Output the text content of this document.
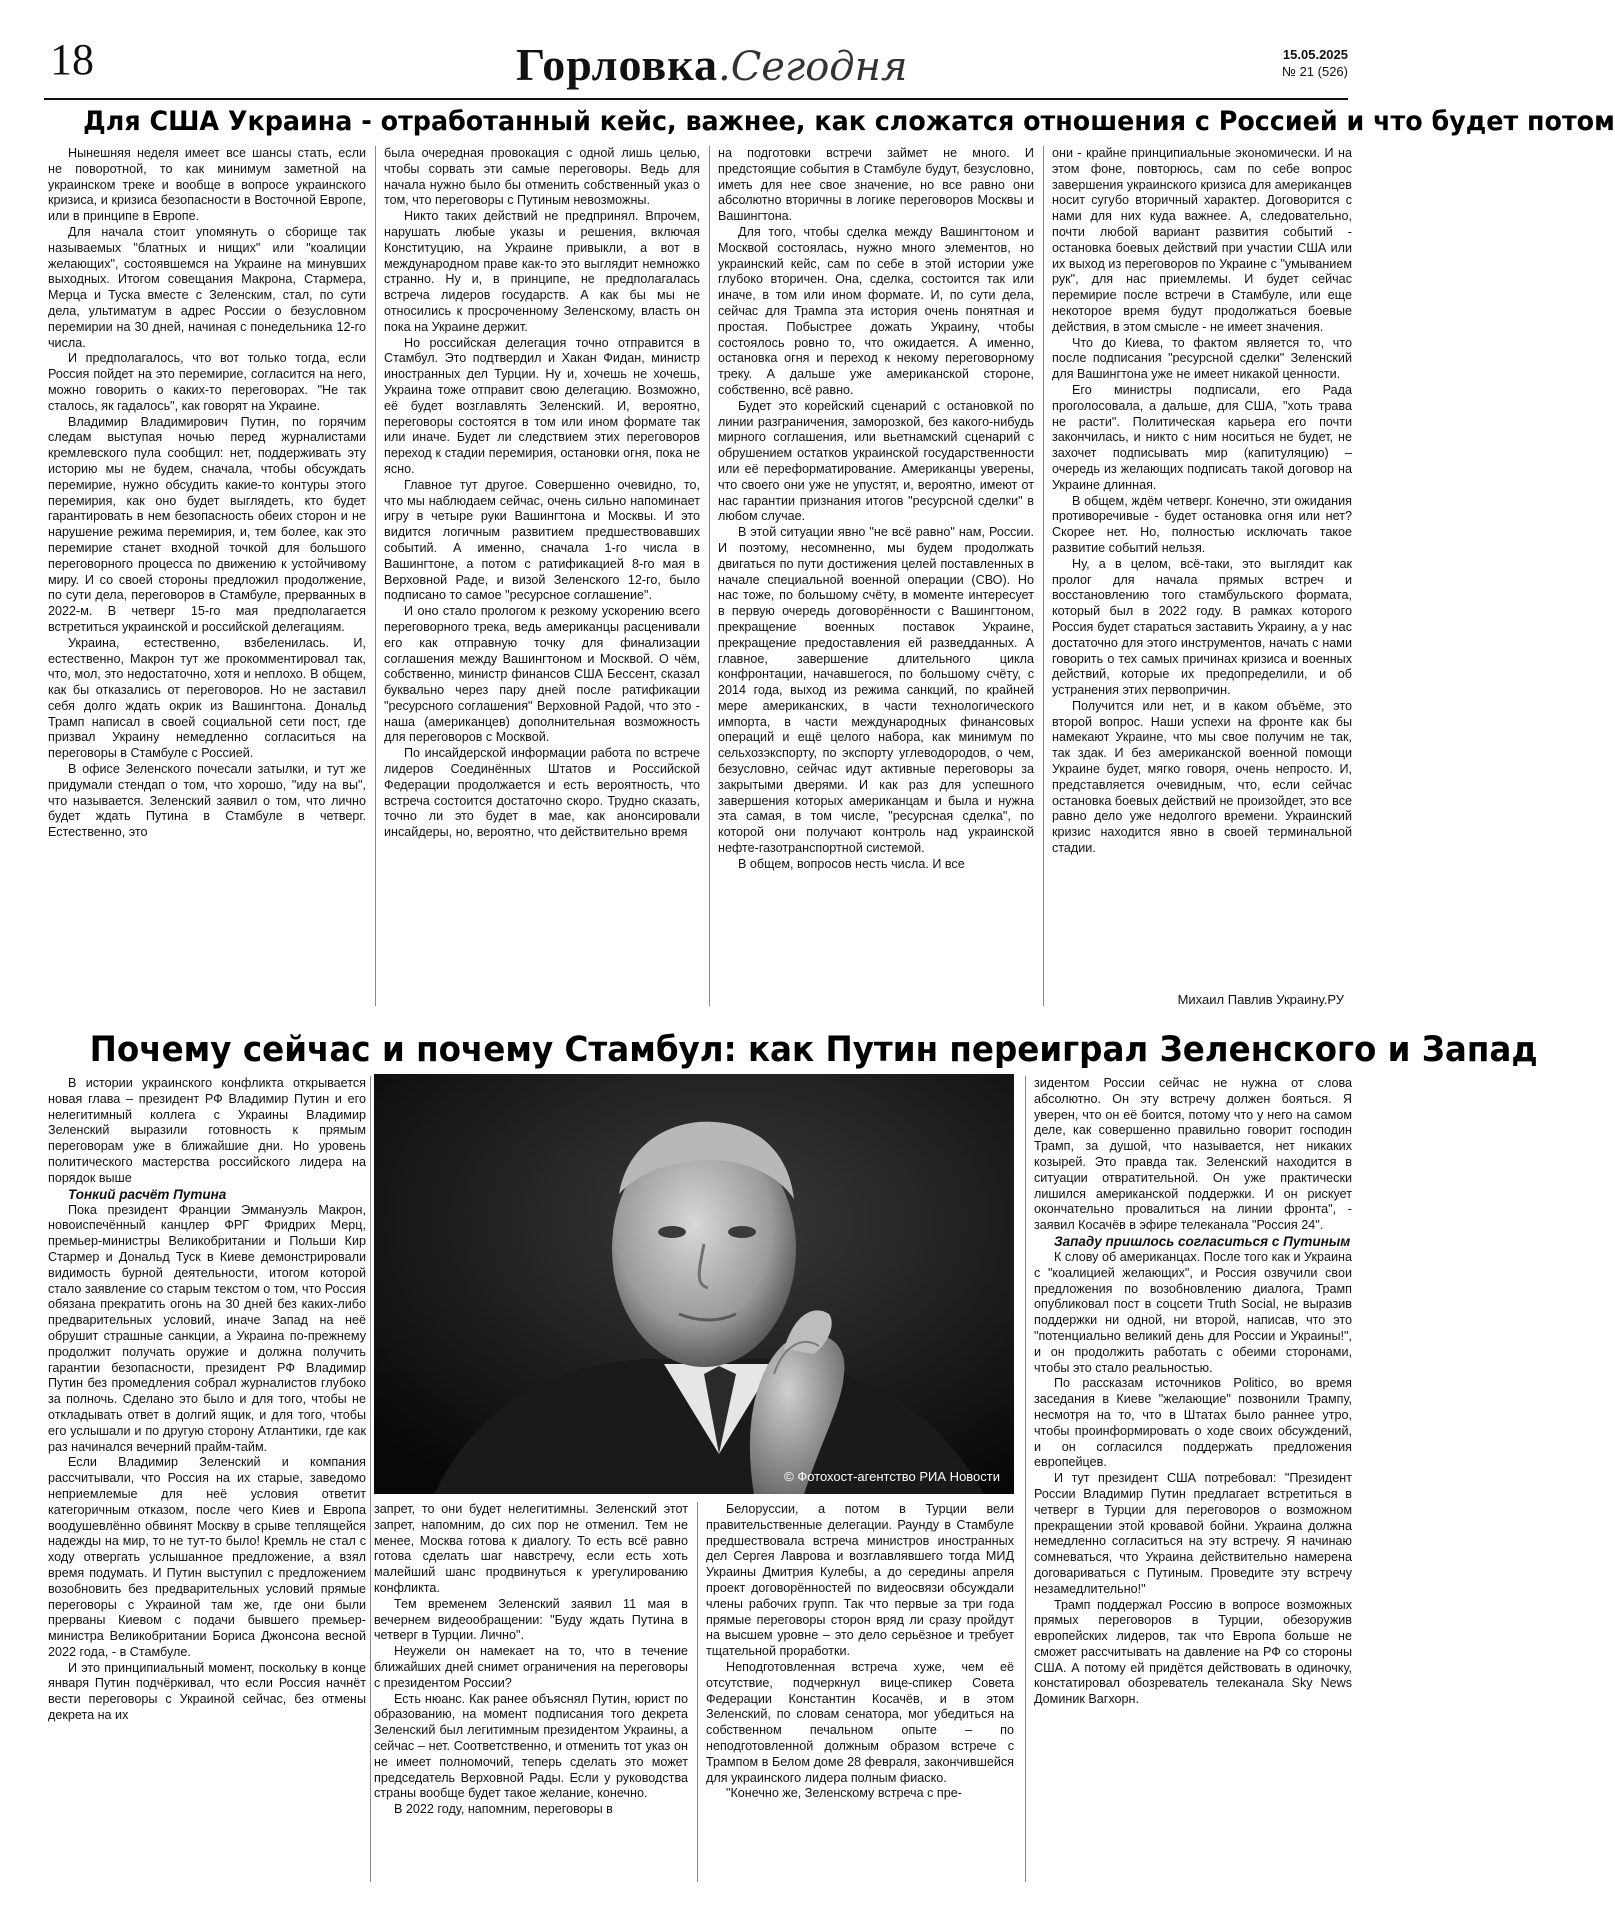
18	Горловка.Сегодня	15.05.2025
№ 21 (526)
Для США Украина - отработанный кейс, важнее, как сложатся отношения с Россией и что будет потом

Нынешняя неделя имеет все шансы стать, если не поворотной, то как минимум заметной на украинском треке и вообще в вопросе украинского кризиса, и кризиса безопасности в Восточной Европе, или в принципе в Европе.

Для начала стоит упомянуть о сборище так называемых "блатных и нищих" или "коалиции желающих", состоявшемся на Украине на минувших выходных. Итогом совещания Макрона, Стармера, Мерца и Туска вместе с Зеленским, стал, по сути дела, ультиматум в адрес России о безусловном перемирии на 30 дней, начиная с понедельника 12-го числа.

И предполагалось, что вот только тогда, если Россия пойдет на это перемирие, согласится на него, можно говорить о каких-то переговорах. "Не так сталось, як гадалось", как говорят на Украине.

Владимир Владимирович Путин, по горячим следам выступая ночью перед журналистами кремлевского пула сообщил: нет, поддерживать эту историю мы не будем, сначала, чтобы обсуждать перемирие, нужно обсудить какие-то контуры этого перемирия, как оно будет выглядеть, кто будет гарантировать в нем безопасность обеих сторон и не нарушение режима перемирия, и, тем более, как это перемирие станет входной точкой для большого переговорного процесса по движению к устойчивому миру. И со своей стороны предложил продолжение, по сути дела, переговоров в Стамбуле, прерванных в 2022-м. В четверг 15-го мая предполагается встретиться украинской и российской делегациям.

Украина, естественно, взбеленилась. И, естественно, Макрон тут же прокомментировал так, что, мол, это недостаточно, хотя и неплохо. В общем, как бы отказались от переговоров. Но не заставил себя долго ждать окрик из Вашингтона. Дональд Трамп написал в своей социальной сети пост, где призвал Украину немедленно согласиться на переговоры в Стамбуле с Россией.

В офисе Зеленского почесали затылки, и тут же придумали стендап о том, что хорошо, "иду на вы", что называется. Зеленский заявил о том, что лично будет ждать Путина в Стамбуле в четверг. Естественно, это

была очередная провокация с одной лишь целью, чтобы сорвать эти самые переговоры. Ведь для начала нужно было бы отменить собственный указ о том, что переговоры с Путиным невозможны.

Никто таких действий не предпринял. Впрочем, нарушать любые указы и решения, включая Конституцию, на Украине привыкли, а вот в международном праве как-то это выглядит немножко странно. Ну и, в принципе, не предполагалась встреча лидеров государств. А как бы мы не относились к просроченному Зеленскому, власть он пока на Украине держит.

Но российская делегация точно отправится в Стамбул. Это подтвердил и Хакан Фидан, министр иностранных дел Турции. Ну и, хочешь не хочешь, Украина тоже отправит свою делегацию. Возможно, её будет возглавлять Зеленский. И, вероятно, переговоры состоятся в том или ином формате так или иначе. Будет ли следствием этих переговоров переход к стадии перемирия, остановки огня, пока не ясно.

Главное тут другое. Совершенно очевидно, то, что мы наблюдаем сейчас, очень сильно напоминает игру в четыре руки Вашингтона и Москвы. И это видится логичным развитием предшествовавших событий. А именно, сначала 1-го числа в Вашингтоне, а потом с ратификацией 8-го мая в Верховной Раде, и визой Зеленского 12-го, было подписано то самое "ресурсное соглашение".

И оно стало прологом к резкому ускорению всего переговорного трека, ведь американцы расценивали его как отправную точку для финализации соглашения между Вашингтоном и Москвой. О чём, собственно, министр финансов США Бессент, сказал буквально через пару дней после ратификации "ресурсного соглашения" Верховной Радой, что это - наша (американцев) дополнительная возможность для переговоров с Москвой.

По инсайдерской информации работа по встрече лидеров Соединённых Штатов и Российской Федерации продолжается и есть вероятность, что встреча состоится достаточно скоро. Трудно сказать, точно ли это будет в мае, как анонсировали инсайдеры, но, вероятно, что действительно время

на подготовки встречи займет не много. И предстоящие события в Стамбуле будут, безусловно, иметь для нее свое значение, но все равно они абсолютно вторичны в логике переговоров Москвы и Вашингтона.

Для того, чтобы сделка между Вашингтоном и Москвой состоялась, нужно много элементов, но украинский кейс, сам по себе в этой истории уже глубоко вторичен. Она, сделка, состоится так или иначе, в том или ином формате. И, по сути дела, сейчас для Трампа эта история очень понятная и простая. Побыстрее дожать Украину, чтобы состоялось ровно то, что ожидается. А именно, остановка огня и переход к некому переговорному треку. А дальше уже американской стороне, собственно, всё равно.

Будет это корейский сценарий с остановкой по линии разграничения, заморозкой, без какого-нибудь мирного соглашения, или вьетнамский сценарий с обрушением остатков украинской государственности или её переформатирование. Американцы уверены, что своего они уже не упустят, и, вероятно, имеют от нас гарантии признания итогов "ресурсной сделки" в любом случае.

В этой ситуации явно "не всё равно" нам, России. И поэтому, несомненно, мы будем продолжать двигаться по пути достижения целей поставленных в начале специальной военной операции (СВО). Но нас тоже, по большому счёту, в моменте интересует в первую очередь договорённости с Вашингтоном, прекращение военных поставок Украине, прекращение предоставления ей разведданных. А главное, завершение длительного цикла конфронтации, начавшегося, по большому счёту, с 2014 года, выход из режима санкций, по крайней мере американских, в части технологического импорта, в части международных финансовых операций и ещё целого набора, как минимум по сельхозэкспорту, по экспорту углеводородов, о чем, безусловно, сейчас идут активные переговоры за закрытыми дверями. И как раз для успешного завершения которых американцам и была и нужна эта самая, в том числе, "ресурсная сделка", по которой они получают контроль над украинской нефте-газотранспортной системой.

В общем, вопросов несть числа. И все

они - крайне принципиальные экономически. И на этом фоне, повторюсь, сам по себе вопрос завершения украинского кризиса для американцев носит сугубо вторичный характер. Договорится с нами для них куда важнее. А, следовательно, почти любой вариант развития событий - остановка боевых действий при участии США или их выход из переговоров по Украине с "умыванием рук", для нас приемлемы. И будет сейчас перемирие после встречи в Стамбуле, или еще некоторое время будут продолжаться боевые действия, в этом смысле - не имеет значения.

Что до Киева, то фактом является то, что после подписания "ресурсной сделки" Зеленский для Вашингтона уже не имеет никакой ценности.

Его министры подписали, его Рада проголосовала, а дальше, для США, "хоть трава не расти". Политическая карьера его почти закончилась, и никто с ним носиться не будет, не захочет подписывать мир (капитуляцию) – очередь из желающих подписать такой договор на Украине длинная.

В общем, ждём четверг. Конечно, эти ожидания противоречивые - будет остановка огня или нет? Скорее нет. Но, полностью исключать такое развитие событий нельзя.

Ну, а в целом, всё-таки, это выглядит как пролог для начала прямых встреч и восстановлению того стамбульского формата, который был в 2022 году. В рамках которого Россия будет стараться заставить Украину, а у нас достаточно для этого инструментов, начать с нами говорить о тех самых причинах кризиса и военных действий, которые их предопределили, и об устранения этих первопричин.

Получится или нет, и в каком объёме, это второй вопрос. Наши успехи на фронте как бы намекают Украине, что мы свое получим не так, так здак. И без американской военной помощи Украине будет, мягко говоря, очень непросто. И, представляется очевидным, что, если сейчас остановка боевых действий не произойдет, это все равно дело уже недолгого времени. Украинский кризис находится явно в своей терминальной стадии.

Михаил Павлив Украину.РУ
Почему сейчас и почему Стамбул: как Путин переиграл Зеленского и Запад

В истории украинского конфликта открывается новая глава – президент РФ Владимир Путин и его нелегитимный коллега с Украины Владимир Зеленский выразили готовность к прямым переговорам уже в ближайшие дни. Но уровень политического мастерства российского лидера на порядок выше

Тонкий расчёт Путина

Пока президент Франции Эммануэль Макрон, новоиспечённый канцлер ФРГ Фридрих Мерц, премьер-министры Великобритании и Польши Кир Стармер и Дональд Туск в Киеве демонстрировали видимость бурной деятельности, итогом которой стало заявление со старым текстом о том, что Россия обязана прекратить огонь на 30 дней без каких-либо предварительных условий, иначе Запад на неё обрушит страшные санкции, а Украина по-прежнему продолжит получать оружие и должна получить гарантии безопасности, президент РФ Владимир Путин без промедления собрал журналистов глубоко за полночь. Сделано это было и для того, чтобы не откладывать ответ в долгий ящик, и для того, чтобы его услышали и по другую сторону Атлантики, где как раз начинался вечерний прайм-тайм.

Если Владимир Зеленский и компания рассчитывали, что Россия на их старые, заведомо неприемлемые для неё условия ответит категоричным отказом, после чего Киев и Европа воодушевлённо обвинят Москву в срыве теплящейся надежды на мир, то не тут-то было! Кремль не стал с ходу отвергать услышанное предложение, а взял время подумать. И Путин выступил с предложением возобновить без предварительных условий прямые переговоры с Украиной там же, где они были прерваны Киевом с подачи бывшего премьер-министра Великобритании Бориса Джонсона весной 2022 года, - в Стамбуле.

И это принципиальный момент, поскольку в конце января Путин подчёркивал, что если Россия начнёт вести переговоры с Украиной сейчас, без отмены декрета на их

© Фотохост-агентство РИА Новости

запрет, то они будет нелегитимны. Зеленский этот запрет, напомним, до сих пор не отменил. Тем не менее, Москва готова к диалогу. То есть всё равно готова сделать шаг навстречу, если есть хоть малейший шанс продвинуться к урегулированию конфликта.

Тем временем Зеленский заявил 11 мая в вечернем видеообращении: "Буду ждать Путина в четверг в Турции. Лично".

Неужели он намекает на то, что в течение ближайших дней снимет ограничения на переговоры с президентом России?

Есть нюанс. Как ранее объяснял Путин, юрист по образованию, на момент подписания того декрета Зеленский был легитимным президентом Украины, а сейчас – нет. Соответственно, и отменить тот указ он не имеет полномочий, теперь сделать это может председатель Верховной Рады. Если у руководства страны вообще будет такое желание, конечно.

В 2022 году, напомним, переговоры в

Белоруссии, а потом в Турции вели правительственные делегации. Раунду в Стамбуле предшествовала встреча министров иностранных дел Сергея Лаврова и возглавлявшего тогда МИД Украины Дмитрия Кулебы, а до середины апреля проект договорённостей по видеосвязи обсуждали члены рабочих групп. Так что первые за три года прямые переговоры сторон вряд ли сразу пройдут на высшем уровне – это дело серьёзное и требует тщательной проработки.

Неподготовленная встреча хуже, чем её отсутствие, подчеркнул вице-спикер Совета Федерации Константин Косачёв, и в этом Зеленский, по словам сенатора, мог убедиться на собственном печальном опыте – по неподготовленной должным образом встрече с Трампом в Белом доме 28 февраля, закончившейся для украинского лидера полным фиаско.

"Конечно же, Зеленскому встреча с пре-

зидентом России сейчас не нужна от слова абсолютно. Он эту встречу должен бояться. Я уверен, что он её боится, потому что у него на самом деле, как совершенно правильно говорит господин Трамп, за душой, что называется, нет никаких козырей. Это правда так. Зеленский находится в ситуации отвратительной. Он уже практически лишился американской поддержки. И он рискует окончательно провалиться на линии фронта", - заявил Косачёв в эфире телеканала "Россия 24".

Западу пришлось согласиться с Путиным

К слову об американцах. После того как и Украина с "коалицией желающих", и Россия озвучили свои предложения по возобновлению диалога, Трамп опубликовал пост в соцсети Truth Social, не выразив поддержки ни одной, ни второй, написав, что это "потенциально великий день для России и Украины!", и он продолжить работать с обеими сторонами, чтобы это стало реальностью.

По рассказам источников Politico, во время заседания в Киеве "желающие" позвонили Трампу, несмотря на то, что в Штатах было раннее утро, чтобы проинформировать о ходе своих обсуждений, и он согласился поддержать предложения европейцев.

И тут президент США потребовал: "Президент России Владимир Путин предлагает встретиться в четверг в Турции для переговоров о возможном прекращении этой кровавой бойни. Украина должна немедленно согласиться на эту встречу. Я начинаю сомневаться, что Украина действительно намерена договариваться с Путиным. Проведите эту встречу незамедлительно!"

Трамп поддержал Россию в вопросе возможных прямых переговоров в Турции, обезоружив европейских лидеров, так что Европа больше не сможет рассчитывать на давление на РФ со стороны США. А потому ей придётся действовать в одиночку, констатировал обозреватель телеканала Sky News Доминик Вагхорн.
